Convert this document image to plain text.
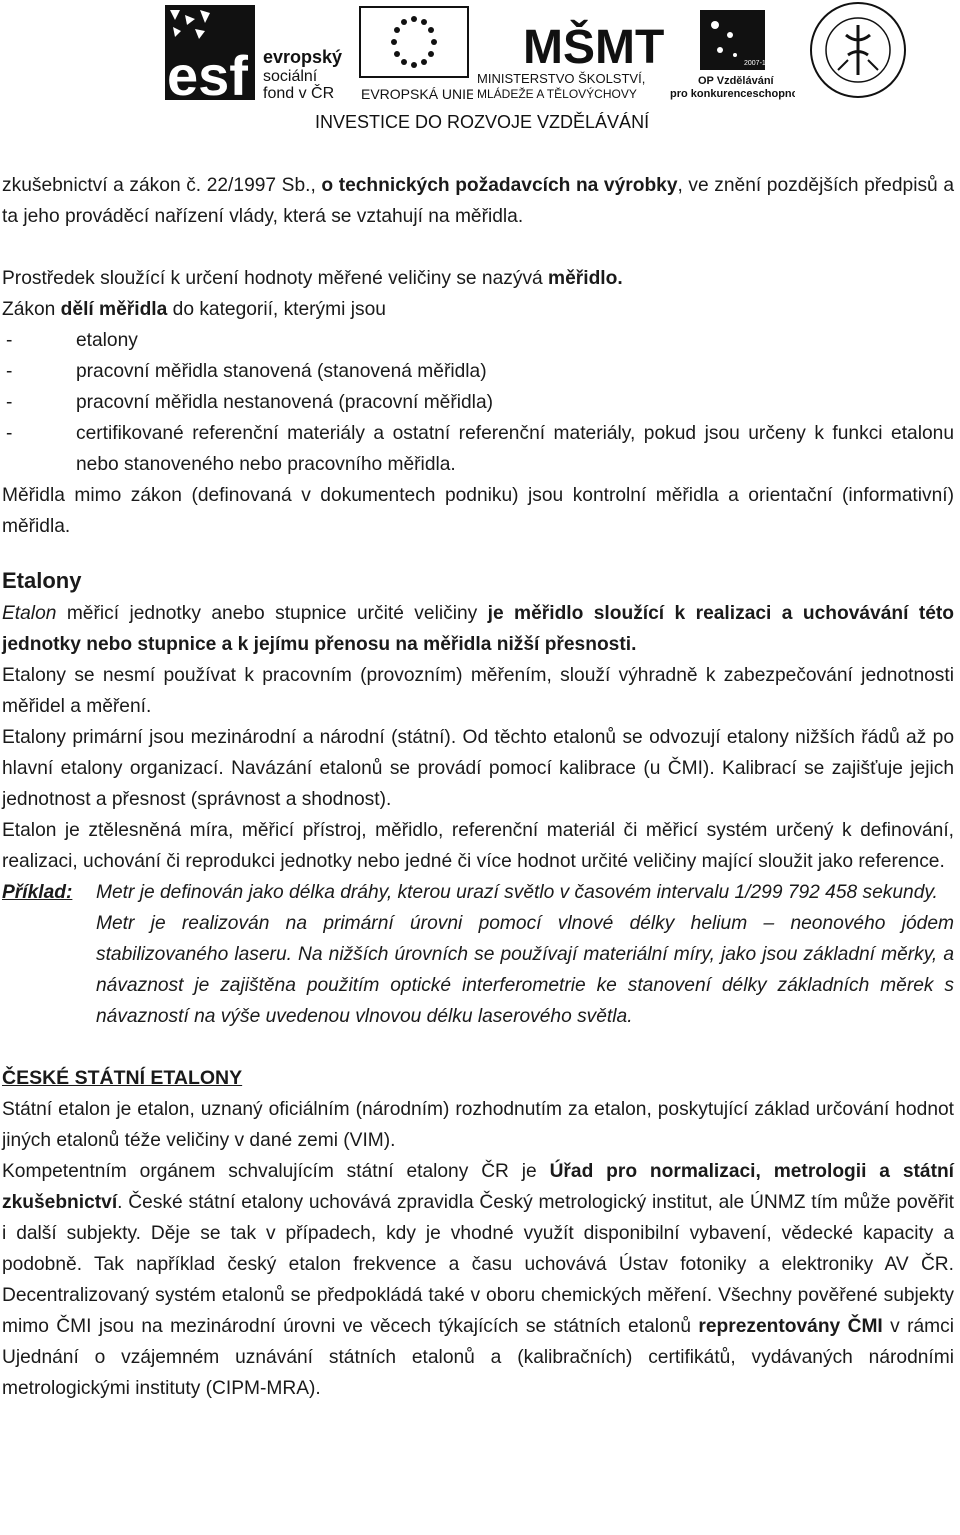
esf evropský
sociální
fond v ČR EVROPSKÁ UNIE
MŠMT
MINISTERSTVO ŠKOLSTVÍ,
MLÁDEŽE A TĚLOVÝCHOVY
2007-13
OP Vzdělávání
pro konkurenceschopnost
INVESTICE DO ROZVOJE VZDĚLÁVÁNÍ

zkušebnictví a zákon č. 22/1997 Sb., o technických požadavcích na výrobky, ve znění pozdějších předpisů a ta jeho prováděcí nařízení vlády, která se vztahují na měřidla.

Prostředek sloužící k určení hodnoty měřené veličiny se nazývá měřidlo.

Zákon dělí měřidla do kategorií, kterými jsou

- etalony
- pracovní měřidla stanovená (stanovená měřidla)
- pracovní měřidla nestanovená (pracovní měřidla)
- certifikované referenční materiály a ostatní referenční materiály, pokud jsou určeny k funkci etalonu nebo stanoveného nebo pracovního měřidla.

Měřidla mimo zákon (definovaná v dokumentech podniku) jsou kontrolní měřidla a orientační (informativní) měřidla.

Etalony

Etalon měřicí jednotky anebo stupnice určité veličiny je měřidlo sloužící k realizaci a uchovávání této jednotky nebo stupnice a k jejímu přenosu na měřidla nižší přesnosti.

Etalony se nesmí používat k pracovním (provozním) měřením, slouží výhradně k zabezpečování jednotnosti měřidel a měření.

Etalony primární jsou mezinárodní a národní (státní). Od těchto etalonů se odvozují etalony nižších řádů až po hlavní etalony organizací. Navázání etalonů se provádí pomocí kalibrace (u ČMI). Kalibrací se zajišťuje jejich jednotnost a přesnost (správnost a shodnost).

Etalon je ztělesněná míra, měřicí přístroj, měřidlo, referenční materiál či měřicí systém určený k definování, realizaci, uchování či reprodukci jednotky nebo jedné či více hodnot určité veličiny mající sloužit jako reference.

Příklad:	Metr je definován jako délka dráhy, kterou urazí světlo v časovém intervalu 1/299 792 458 sekundy.

Metr je realizován na primární úrovni pomocí vlnové délky helium – neonového jódem stabilizovaného laseru. Na nižších úrovních se používají materiální míry, jako jsou základní měrky, a návaznost je zajištěna použitím optické interferometrie ke stanovení délky základních měrek s návazností na výše uvedenou vlnovou délku laserového světla.

ČESKÉ STÁTNÍ ETALONY

Státní etalon je etalon, uznaný oficiálním (národním) rozhodnutím za etalon, poskytující základ určování hodnot jiných etalonů téže veličiny v dané zemi (VIM).

Kompetentním orgánem schvalujícím státní etalony ČR je Úřad pro normalizaci, metrologii a státní zkušebnictví. České státní etalony uchovává zpravidla Český metrologický institut, ale ÚNMZ tím může pověřit i další subjekty. Děje se tak v případech, kdy je vhodné využít disponibilní vybavení, vědecké kapacity a podobně. Tak například český etalon frekvence a času uchovává Ústav fotoniky a elektroniky AV ČR. Decentralizovaný systém etalonů se předpokládá také v oboru chemických měření. Všechny pověřené subjekty mimo ČMI jsou na mezinárodní úrovni ve věcech týkajících se státních etalonů reprezentovány ČMI v rámci Ujednání o vzájemném uznávání státních etalonů a (kalibračních) certifikátů, vydávaných národními metrologickými instituty (CIPM-MRA).
